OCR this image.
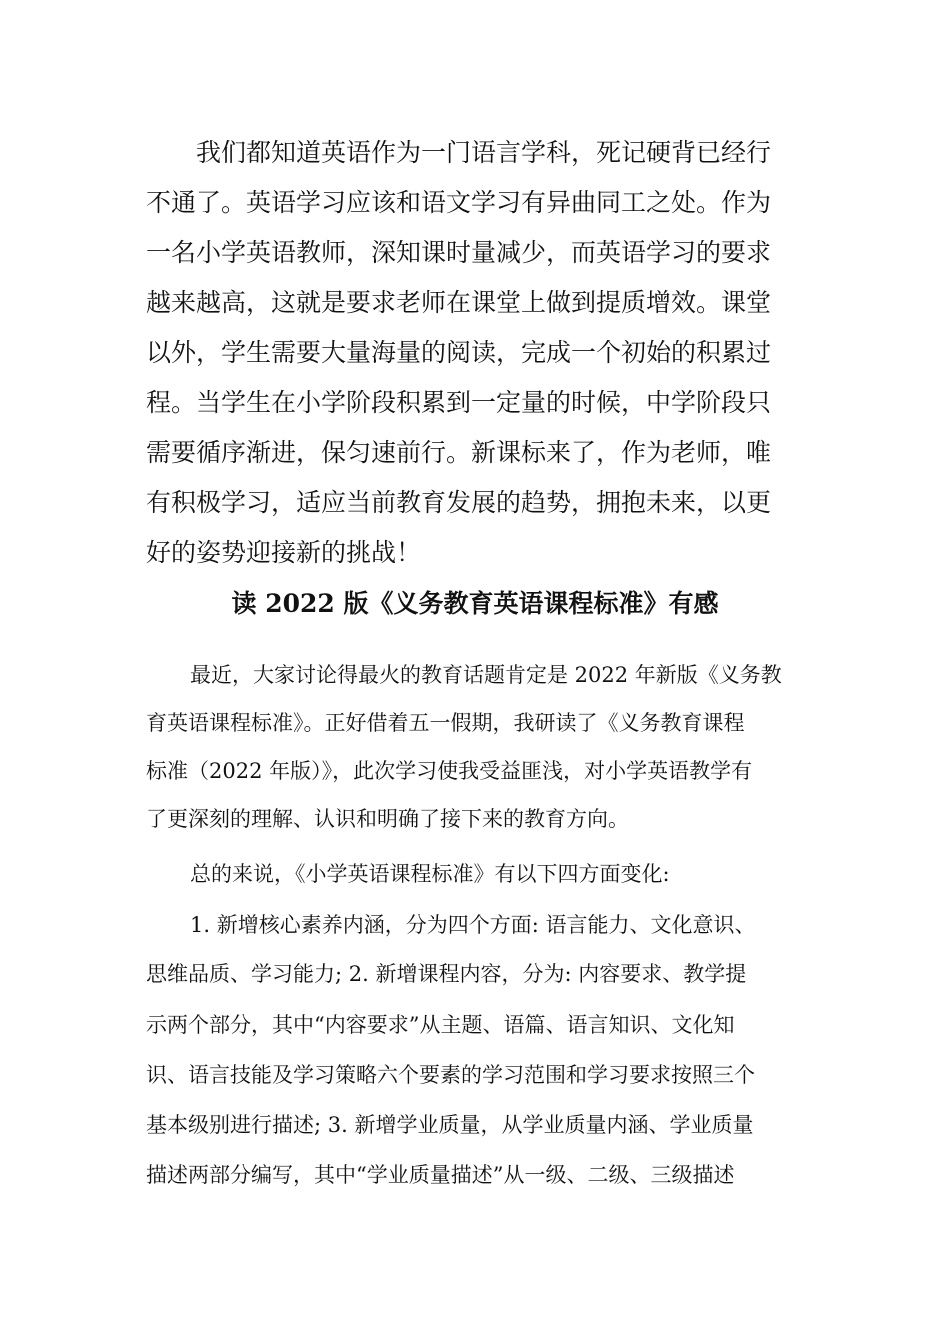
我们都知道英语作为一门语言学科，死记硬背已经行
不通了。英语学习应该和语文学习有异曲同工之处。作为
一名小学英语教师，深知课时量减少，而英语学习的要求
越来越高，这就是要求老师在课堂上做到提质增效。课堂
以外，学生需要大量海量的阅读，完成一个初始的积累过
程。当学生在小学阶段积累到一定量的时候，中学阶段只
需要循序渐进，保匀速前行。新课标来了，作为老师，唯
有积极学习，适应当前教育发展的趋势，拥抱未来，以更
好的姿势迎接新的挑战！
读 2022 版《义务教育英语课程标准》有感
最近，大家讨论得最火的教育话题肯定是 2022 年新版《义务教
育英语课程标准》。正好借着五一假期，我研读了《义务教育课程
标准（2022 年版）》，此次学习使我受益匪浅，对小学英语教学有
了更深刻的理解、认识和明确了接下来的教育方向。
总的来说，《小学英语课程标准》有以下四方面变化:
1. 新增核心素养内涵，分为四个方面: 语言能力、文化意识、
思维品质、学习能力; 2. 新增课程内容，分为: 内容要求、教学提
示两个部分，其中“内容要求”从主题、语篇、语言知识、文化知
识、语言技能及学习策略六个要素的学习范围和学习要求按照三个
基本级别进行描述; 3. 新增学业质量，从学业质量内涵、学业质量
描述两部分编写，其中“学业质量描述”从一级、二级、三级描述
